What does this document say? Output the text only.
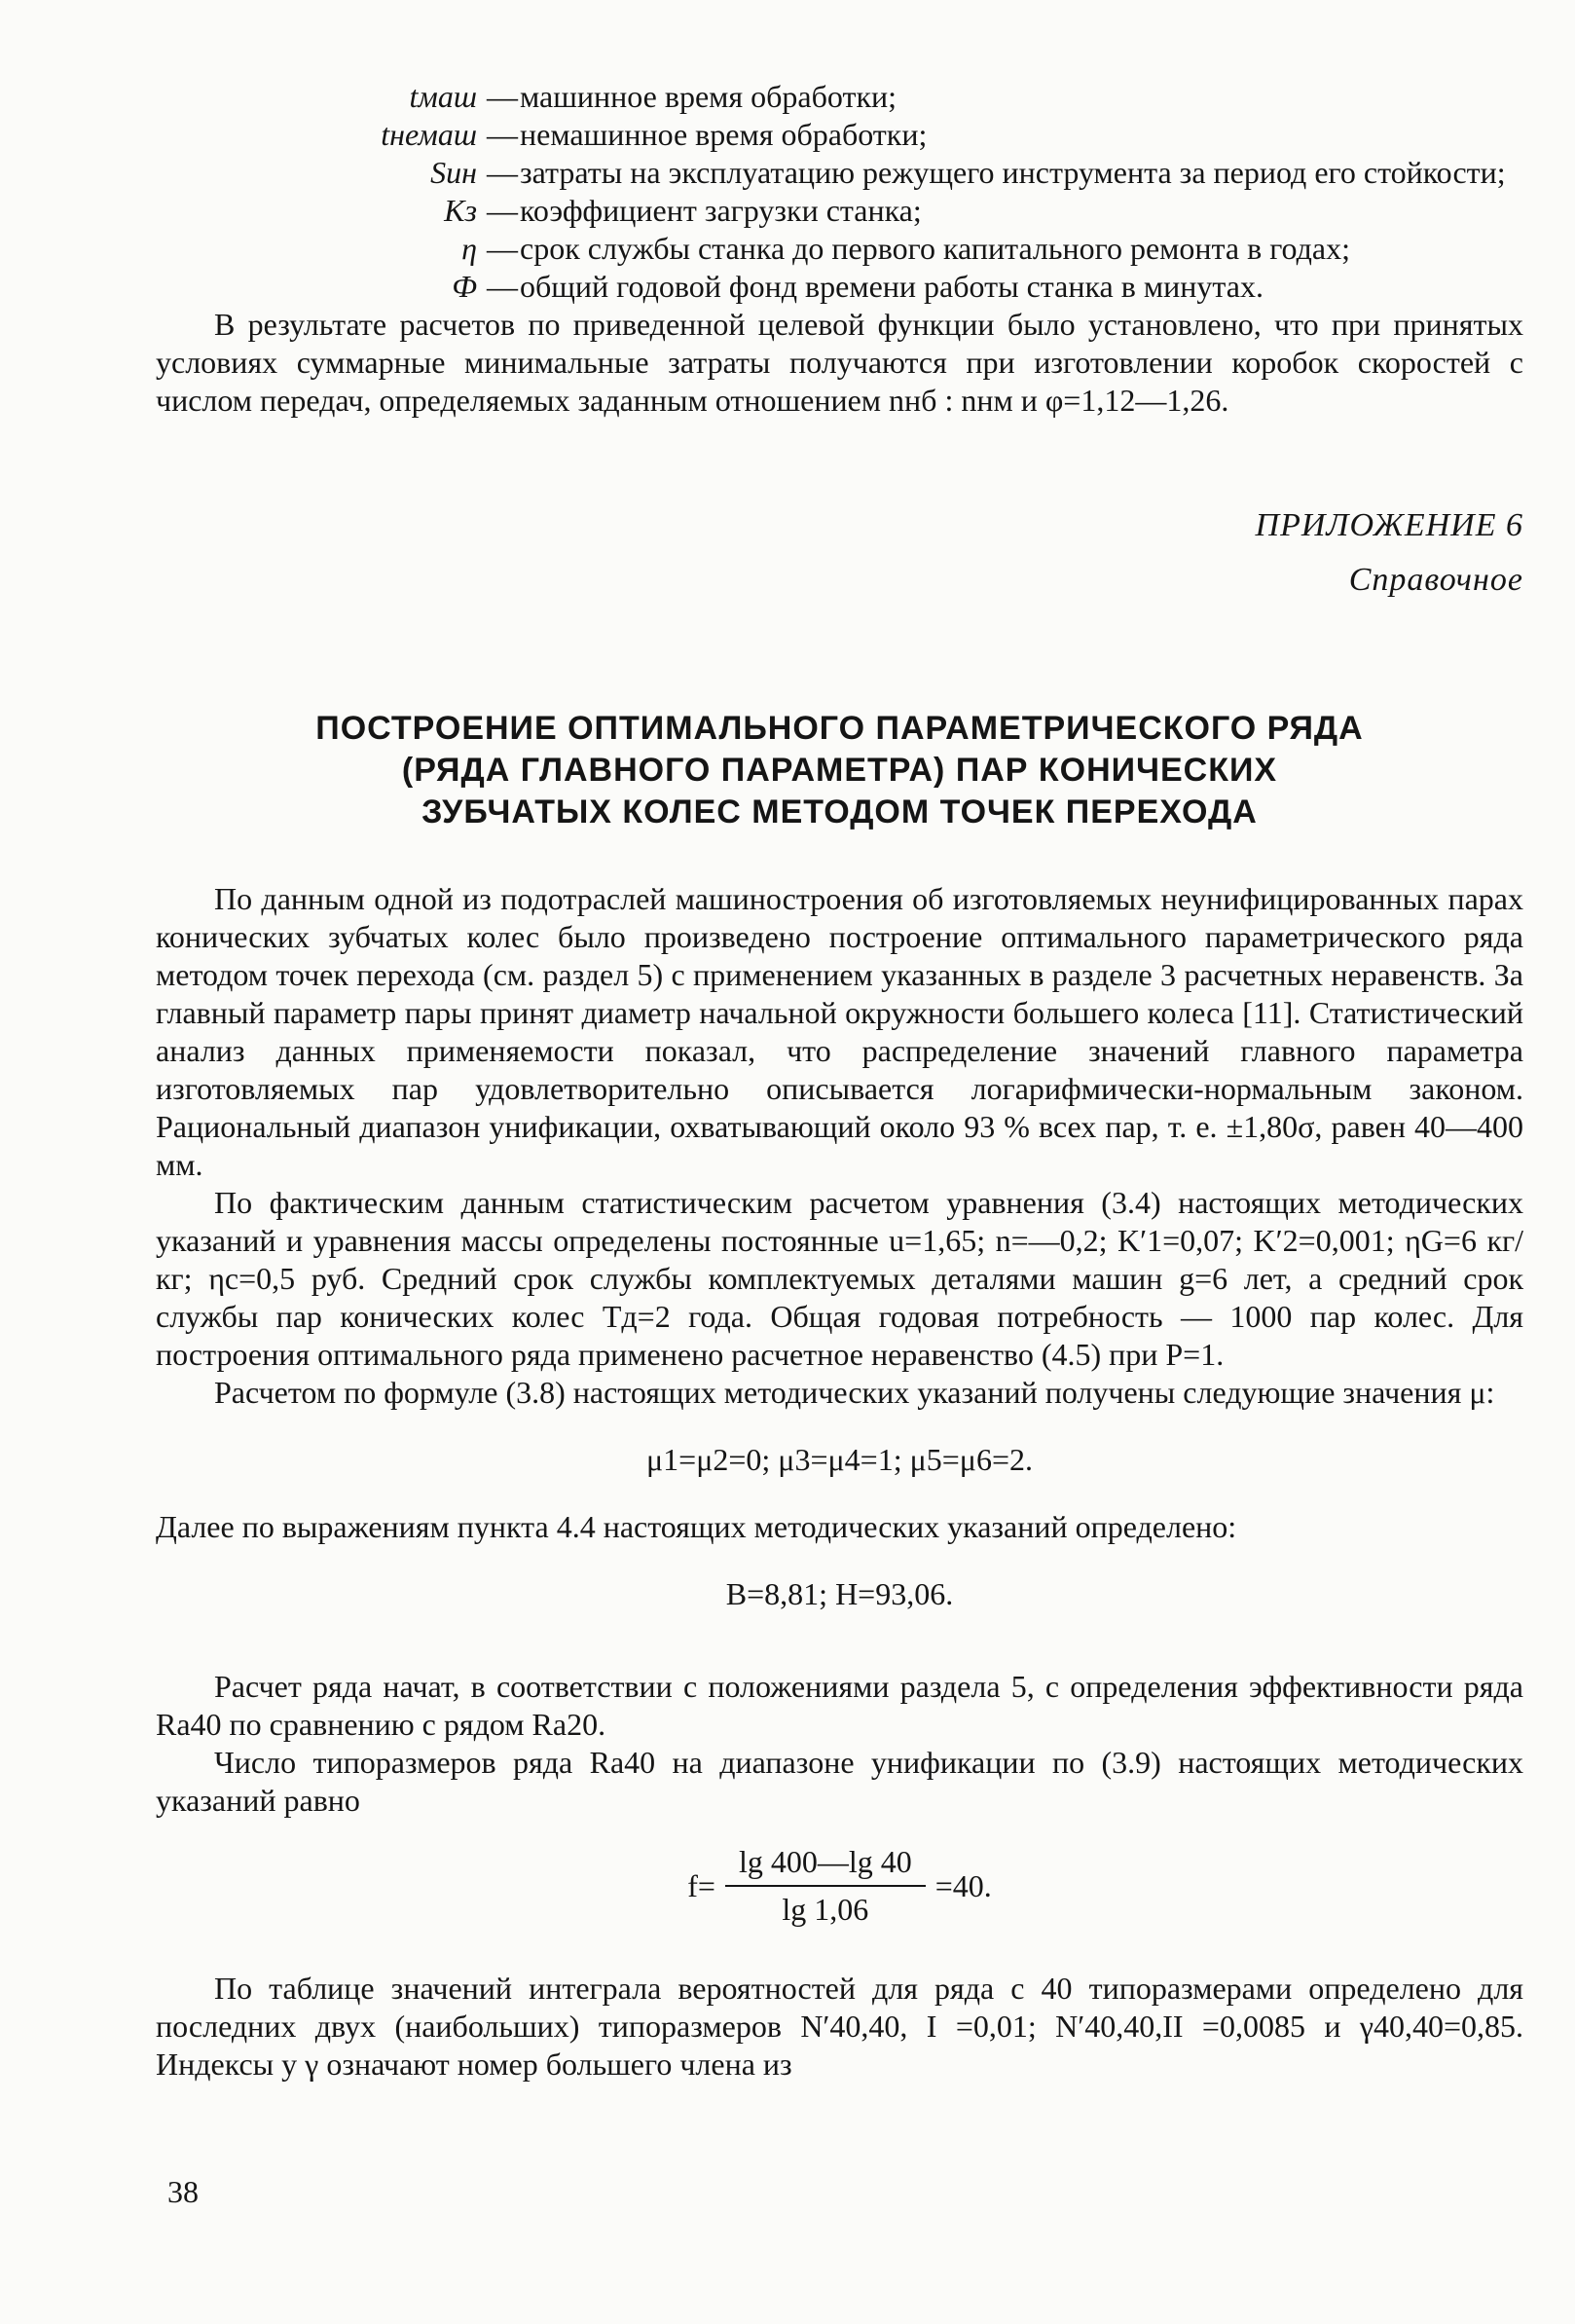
tмаш — машинное время обработки;
tнемаш — немашинное время обработки;
Sин — затраты на эксплуатацию режущего инструмента за период его стойкости;
Kз — коэффициент загрузки станка;
η — срок службы станка до первого капитального ремонта в годах;
Ф — общий годовой фонд времени работы станка в минутах.

В результате расчетов по приведенной целевой функции было установлено, что при принятых условиях суммарные минимальные затраты получаются при изготовлении коробок скоростей с числом передач, определяемых заданным отношением nнб : nнм и φ=1,12—1,26.

ПРИЛОЖЕНИЕ 6
Справочное
ПОСТРОЕНИЕ ОПТИМАЛЬНОГО ПАРАМЕТРИЧЕСКОГО РЯДА
(РЯДА ГЛАВНОГО ПАРАМЕТРА) ПАР КОНИЧЕСКИХ
ЗУБЧАТЫХ КОЛЕС МЕТОДОМ ТОЧЕК ПЕРЕХОДА

По данным одной из подотраслей машиностроения об изготовляемых неунифицированных парах конических зубчатых колес было произведено построение оптимального параметрического ряда методом точек перехода (см. раздел 5) с применением указанных в разделе 3 расчетных неравенств. За главный параметр пары принят диаметр начальной окружности большего колеса [11]. Статистический анализ данных применяемости показал, что распределение значений главного параметра изготовляемых пар удовлетворительно описывается логарифмически-нормальным законом. Рациональный диапазон унификации, охватывающий около 93 % всех пар, т. е. ±1,80σ, равен 40—400 мм.

По фактическим данным статистическим расчетом уравнения (3.4) настоящих методических указаний и уравнения массы определены постоянные u=1,65; n=—0,2; K′1=0,07; K′2=0,001; ηG=6 кг/кг; ηc=0,5 руб. Средний срок службы комплектуемых деталями машин g=6 лет, а средний срок службы пар конических колес Tд=2 года. Общая годовая потребность — 1000 пар колес. Для построения оптимального ряда применено расчетное неравенство (4.5) при P=1.

Расчетом по формуле (3.8) настоящих методических указаний получены следующие значения μ:

μ1=μ2=0; μ3=μ4=1; μ5=μ6=2.

Далее по выражениям пункта 4.4 настоящих методических указаний определено:

B=8,81; H=93,06.

Расчет ряда начат, в соответствии с положениями раздела 5, с определения эффективности ряда Ra40 по сравнению с рядом Ra20.

Число типоразмеров ряда Ra40 на диапазоне унификации по (3.9) настоящих методических указаний равно

$f= \frac{\lg 400—\lg 40}{\lg 1,06} =40$.

По таблице значений интеграла вероятностей для ряда с 40 типоразмерами определено для последних двух (наибольших) типоразмеров N′40,40, I =0,01; N′40,40,II =0,0085 и γ40,40=0,85. Индексы у γ означают номер большего члена из

38
